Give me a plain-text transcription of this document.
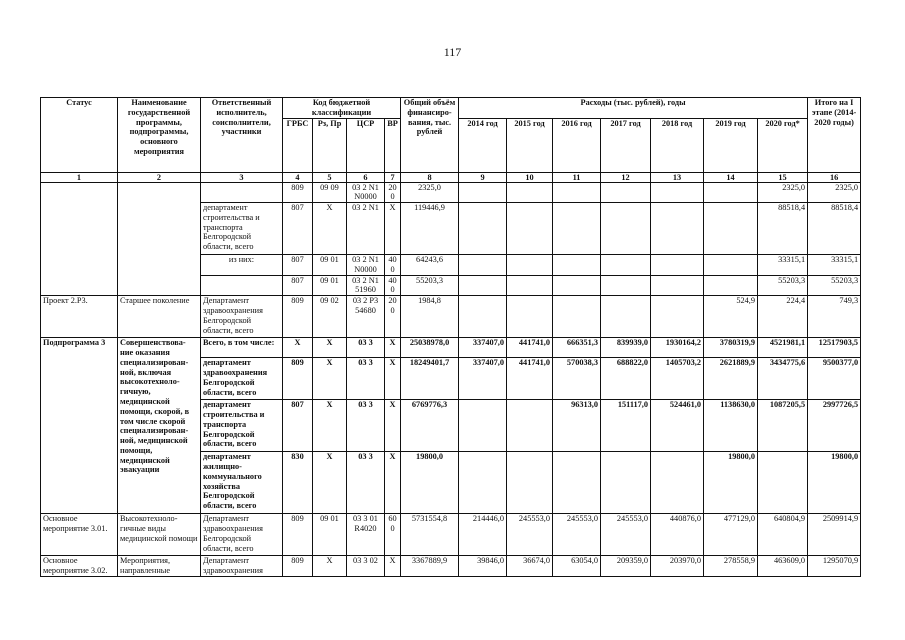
117
Статус	Наименование государственной программы, подпрограммы, основного мероприятия	Ответственный исполнитель, соисполнители, участники	Код бюджетной классификации				Общий объём финансиро-вания, тыс. рублей	Расходы (тыс. рублей), годы							Итого на I этапе (2014-2020 годы)
			ГРБС	Рз, Пр	ЦСР	ВР		2014 год	2015 год	2016 год	2017 год	2018 год	2019 год	2020 год*	
1	2	3	4	5	6	7	8	9	10	11	12	13	14	15	16
			809	09 09	03 2 N1 N0000	200	2325,0							2325,0	2325,0
		департамент строительства и транспорта Белгородской области, всего	807	Х	03 2 N1	Х	119446,9							88518,4	88518,4
		из них:	807	09 01	03 2 N1 N0000	400	64243,6							33315,1	33315,1
			807	09 01	03 2 N1 51960	400	55203,3							55203,3	55203,3
Проект 2.Р3.	Старшее поколение	Департамент здравоохранения Белгородской области, всего	809	09 02	03 2 Р3 54680	200	1984,8						524,9	224,4	749,3
Подпрограмма 3	Совершенствова-ние оказания специализирован-ной, включая высокотехноло-гичную, медицинской помощи, скорой, в том числе скорой специализирован-ной, медицинской помощи, медицинской эвакуации	Всего, в том числе:	Х	Х	03 3	Х	25038978,0	337407,0	441741,0	666351,3	839939,0	1930164,2	3780319,9	4521981,1	12517903,5
		департамент здравоохранения Белгородской области, всего	809	Х	03 3	Х	18249401,7	337407,0	441741,0	570038,3	688822,0	1405703,2	2621889,9	3434775,6	9500377,0
		департамент строительства и транспорта Белгородской области, всего	807	Х	03 3	Х	6769776,3			96313,0	151117,0	524461,0	1138630,0	1087205,5	2997726,5
		департамент жилищно-коммунального хозяйства Белгородской области, всего	830	Х	03 3	Х	19800,0						19800,0		19800,0
Основное мероприятие 3.01.	Высокотехноло-гичные виды медицинской помощи	Департамент здравоохранения Белгородской области, всего	809	09 01	03 3 01 R4020	600	5731554,8	214446,0	245553,0	245553,0	245553,0	440876,0	477129,0	640804,9	2509914,9
Основное мероприятие 3.02.	Мероприятия, направленные	Департамент здравоохранения	809	Х	03 3 02	Х	3367889,9	39846,0	36674,0	63054,0	209359,0	203970,0	278558,9	463609,0	1295070,9
